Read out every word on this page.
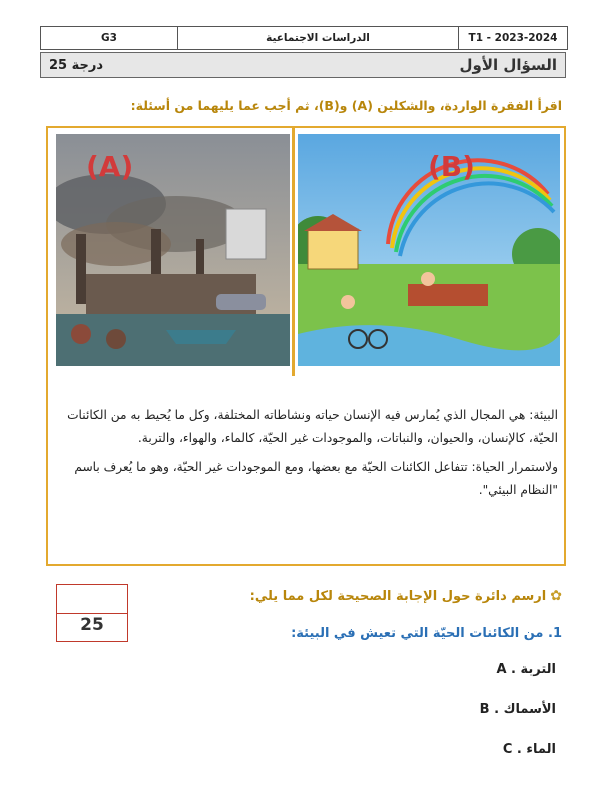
T1 - 2023-2024
الدراسات الاجتماعية
G3
السؤال الأول
25 درجة
اقرأ الفقرة الواردة، والشكلين (A) و(B)، ثم أجب عما يليهما من أسئلة:
(A)	(B)

البيئة: هي المجال الذي يُمارس فيه الإنسان حياته ونشاطاته المختلفة، وكل ما يُحيط به من الكائنات الحيّة، كالإنسان، والحيوان، والنباتات، والموجودات غير الحيّة، كالماء، والهواء، والتربة.

ولاستمرار الحياة: تتفاعل الكائنات الحيّة مع بعضها، ومع الموجودات غير الحيّة، وهو ما يُعرف باسم "النظام البيئي".

25
✿
ارسم دائرة حول الإجابة الصحيحة لكل مما يلي:
1. من الكائنات الحيّة التي تعيش في البيئة:
التربة . A
الأسماك . B
الماء . C
